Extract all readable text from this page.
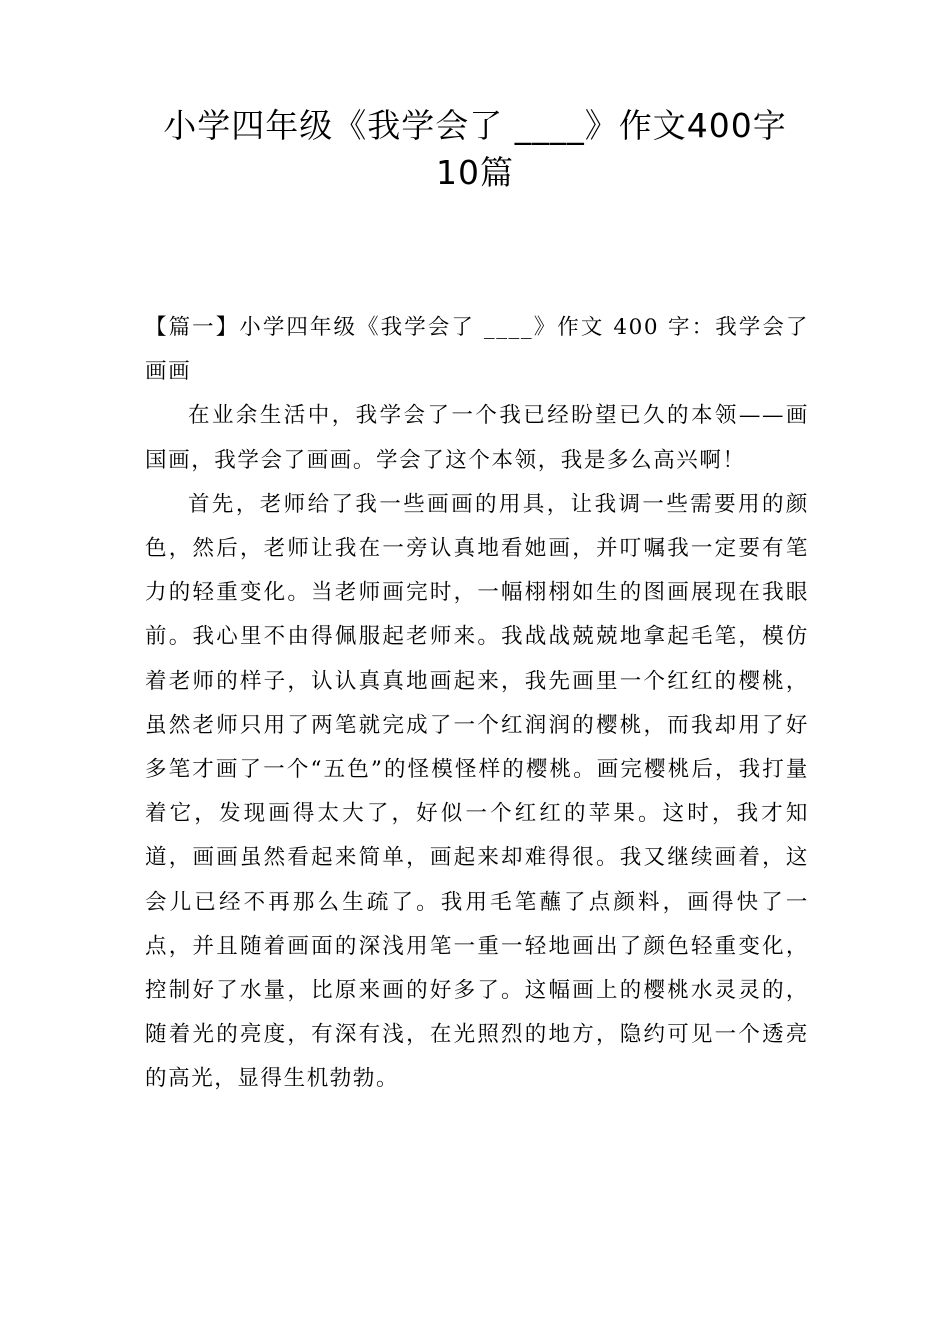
小学四年级《我学会了 ____》作文400字
10篇

【篇一】小学四年级《我学会了 ____》作文 400 字：我学会了画画

在业余生活中，我学会了一个我已经盼望已久的本领——画国画，我学会了画画。学会了这个本领，我是多么高兴啊！

首先，老师给了我一些画画的用具，让我调一些需要用的颜色，然后，老师让我在一旁认真地看她画，并叮嘱我一定要有笔力的轻重变化。当老师画完时，一幅栩栩如生的图画展现在我眼前。我心里不由得佩服起老师来。我战战兢兢地拿起毛笔，模仿着老师的样子，认认真真地画起来，我先画里一个红红的樱桃，虽然老师只用了两笔就完成了一个红润润的樱桃，而我却用了好多笔才画了一个“五色”的怪模怪样的樱桃。画完樱桃后，我打量着它，发现画得太大了，好似一个红红的苹果。这时，我才知道，画画虽然看起来简单，画起来却难得很。我又继续画着，这会儿已经不再那么生疏了。我用毛笔蘸了点颜料，画得快了一点，并且随着画面的深浅用笔一重一轻地画出了颜色轻重变化，控制好了水量，比原来画的好多了。这幅画上的樱桃水灵灵的，随着光的亮度，有深有浅，在光照烈的地方，隐约可见一个透亮的高光，显得生机勃勃。
